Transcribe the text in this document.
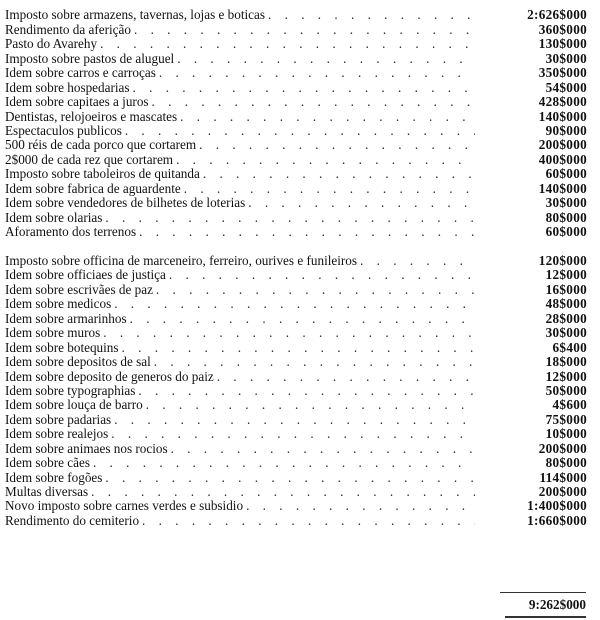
Imposto sobre armazens, tavernas, lojas e boticas . . .	2:626$000
Rendimento da aferição . . .	360$000
Pasto do Avarehy . . .	130$000
Imposto sobre pastos de aluguel . . .	30$000
Idem sobre carros e carroças . . .	350$000
Idem sobre hospedarias . . .	54$000
Idem sobre capitaes a juros . . .	428$000
Dentistas, relojoeiros e mascates . . .	140$000
Espectaculos publicos . . .	90$000
500 réis de cada porco que cortarem . . .	200$000
2$000 de cada rez que cortarem . . .	400$000
Imposto sobre taboleiros de quitanda . . .	60$000
Idem sobre fabrica de aguardente . . .	140$000
Idem sobre vendedores de bilhetes de loterias . . .	30$000
Idem sobre olarias . . .	80$000
Aforamento dos terrenos . . .	60$000
Imposto sobre officina de marceneiro, ferreiro, ourives e funileiros . . .	120$000
Idem sobre officiaes de justiça . . .	12$000
Idem sobre escrivães de paz . . .	16$000
Idem sobre medicos . . .	48$000
Idem sobre armarinhos . . .	28$000
Idem sobre muros . . .	30$000
Idem sobre botequins . . .	6$400
Idem sobre depositos de sal . . .	18$000
Idem sobre deposito de generos do paiz . . .	12$000
Idem sobre typographias . . .	50$000
Idem sobre louça de barro . . .	4$600
Idem sobre padarias . . .	75$000
Idem sobre realejos . . .	10$000
Idem sobre animaes nos rocios . . .	200$000
Idem sobre cães . . .	80$000
Idem sobre fogões . . .	114$000
Multas diversas . . .	200$000
Novo imposto sobre carnes verdes e subsidio . . .	1:400$000
Rendimento do cemiterio . . .	1:660$000
9:262$000
